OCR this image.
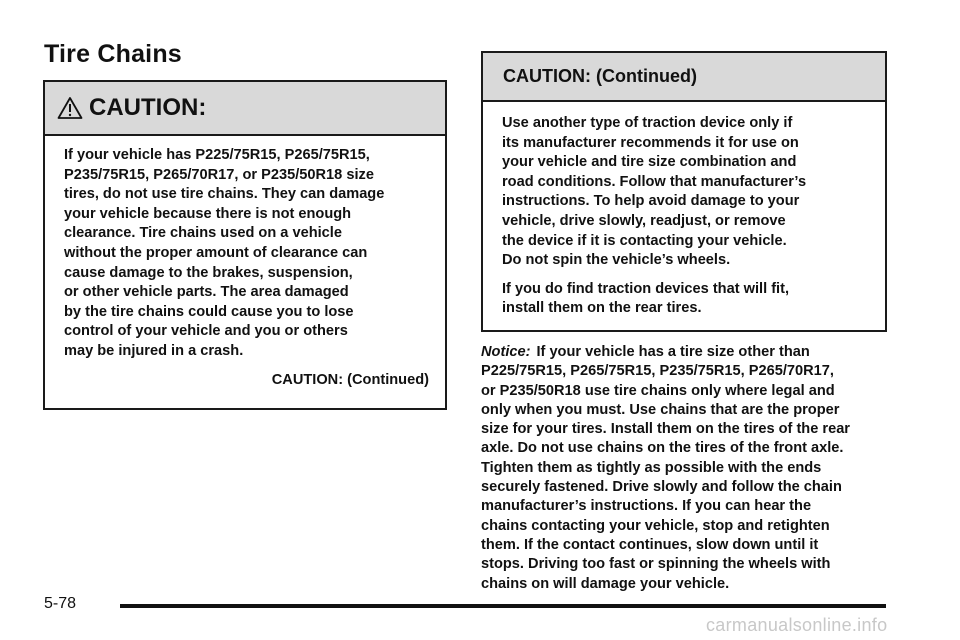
Tire Chains
CAUTION:

If your vehicle has P225/75R15, P265/75R15,
P235/75R15, P265/70R17, or P235/50R18 size
tires, do not use tire chains. They can damage
your vehicle because there is not enough
clearance. Tire chains used on a vehicle
without the proper amount of clearance can
cause damage to the brakes, suspension,
or other vehicle parts. The area damaged
by the tire chains could cause you to lose
control of your vehicle and you or others
may be injured in a crash.

CAUTION: (Continued)

CAUTION: (Continued)

Use another type of traction device only if
its manufacturer recommends it for use on
your vehicle and tire size combination and
road conditions. Follow that manufacturer’s
instructions. To help avoid damage to your
vehicle, drive slowly, readjust, or remove
the device if it is contacting your vehicle.
Do not spin the vehicle’s wheels.

If you do find traction devices that will fit,
install them on the rear tires.

Notice: If your vehicle has a tire size other than
P225/75R15, P265/75R15, P235/75R15, P265/70R17,
or P235/50R18 use tire chains only where legal and
only when you must. Use chains that are the proper
size for your tires. Install them on the tires of the rear
axle. Do not use chains on the tires of the front axle.
Tighten them as tightly as possible with the ends
securely fastened. Drive slowly and follow the chain
manufacturer’s instructions. If you can hear the
chains contacting your vehicle, stop and retighten
them. If the contact continues, slow down until it
stops. Driving too fast or spinning the wheels with
chains on will damage your vehicle.

5-78
carmanualsonline.info
